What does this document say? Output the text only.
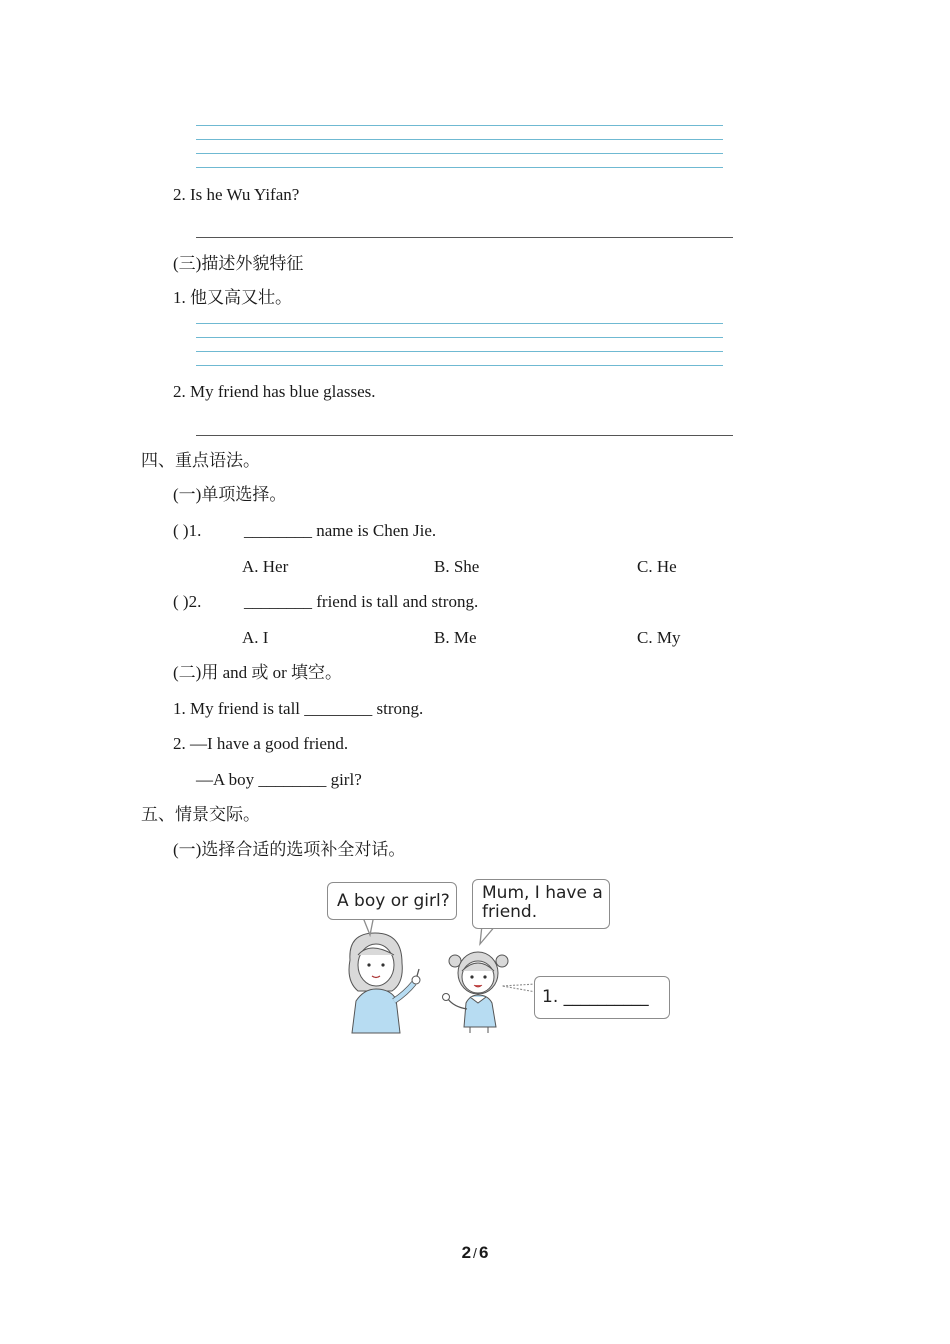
2. Is he Wu Yifan?
(三)描述外貌特征
1. 他又高又壮。
2. My friend has blue glasses.
四、重点语法。
(一)单项选择。
( )1.	________ name is Chen Jie.
A. Her	B. She	C. He
( )2.	________ friend is tall and strong.
A. I	B. Me	C. My
(二)用 and 或 or 填空。
1. My friend is tall ________ strong.
2. —I have a good friend.
—A boy ________ girl?
五、情景交际。
(一)选择合适的选项补全对话。

A boy or girl?

Mum, I have a
friend.

1. __________

2 / 6
